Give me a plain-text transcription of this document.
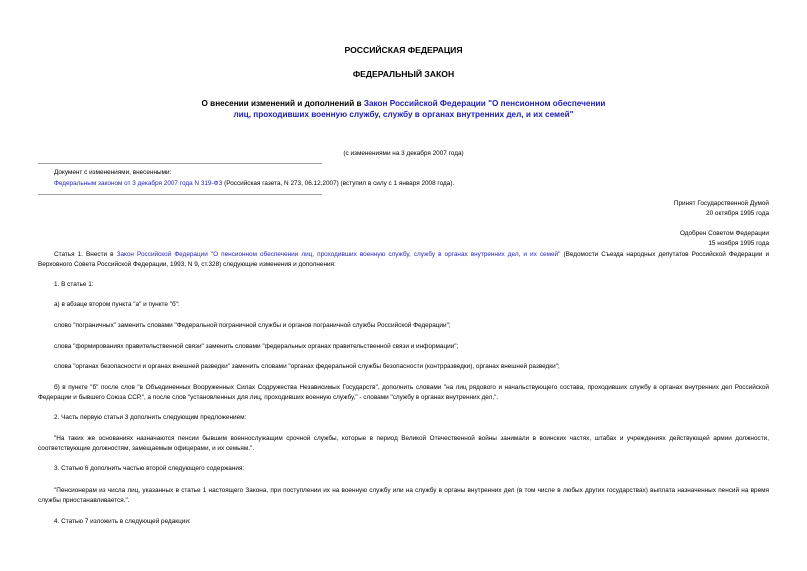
РОССИЙСКАЯ ФЕДЕРАЦИЯ
ФЕДЕРАЛЬНЫЙ ЗАКОН
О внесении изменений и дополнений в Закон Российской Федерации "О пенсионном обеспечении лиц, проходивших военную службу, службу в органах внутренних дел, и их семей"
(с изменениями на 3 декабря 2007 года)
Документ с изменениями, внесенными:
Федеральным законом от 3 декабря 2007 года N 319-ФЗ (Российская газета, N 273, 06.12.2007) (вступил в силу с 1 января 2008 года).
Принят Государственной Думой
20 октября 1995 года
Одобрен Советом Федерации
15 ноября 1995 года
Статья 1. Внести в Закон Российской Федерации "О пенсионном обеспечении лиц, проходивших военную службу, службу в органах внутренних дел, и их семей" (Ведомости Съезда народных депутатов Российской Федерации и Верховного Совета Российской Федерации, 1993, N 9, ст.328) следующие изменения и дополнения:
1. В статье 1:
а) в абзаце втором пункта "а" и пункте "б":
слово "пограничных" заменить словами "Федеральной пограничной службы и органов пограничной службы Российской Федерации";
слова "формированиях правительственной связи" заменить словами "федеральных органах правительственной связи и информации";
слова "органах безопасности и органах внешней разведки" заменить словами "органах федеральной службы безопасности (контрразведки), органах внешней разведки";
б) в пункте "б" после слов "в Объединенных Вооруженных Силах Содружества Независимых Государств", дополнить словами "на лиц рядового и начальствующего состава, проходивших службу в органах внутренних дел Российской Федерации и бывшего Союза ССР,", а после слов "установленных для лиц, проходивших военную службу," - словами "службу в органах внутренних дел,".
2. Часть первую статьи 3 дополнить следующим предложением:
"На таких же основаниях назначаются пенсии бывшим военнослужащим срочной службы, которые в период Великой Отечественной войны занимали в воинских частях, штабах и учреждениях действующей армии должности, соответствующие должностям, замещаемым офицерами, и их семьям.".
3. Статью 6 дополнить частью второй следующего содержания:
"Пенсионерам из числа лиц, указанных в статье 1 настоящего Закона, при поступлении их на военную службу или на службу в органы внутренних дел (в том числе в любых других государствах) выплата назначенных пенсий на время службы приостанавливается.".
4. Статью 7 изложить в следующей редакции:
